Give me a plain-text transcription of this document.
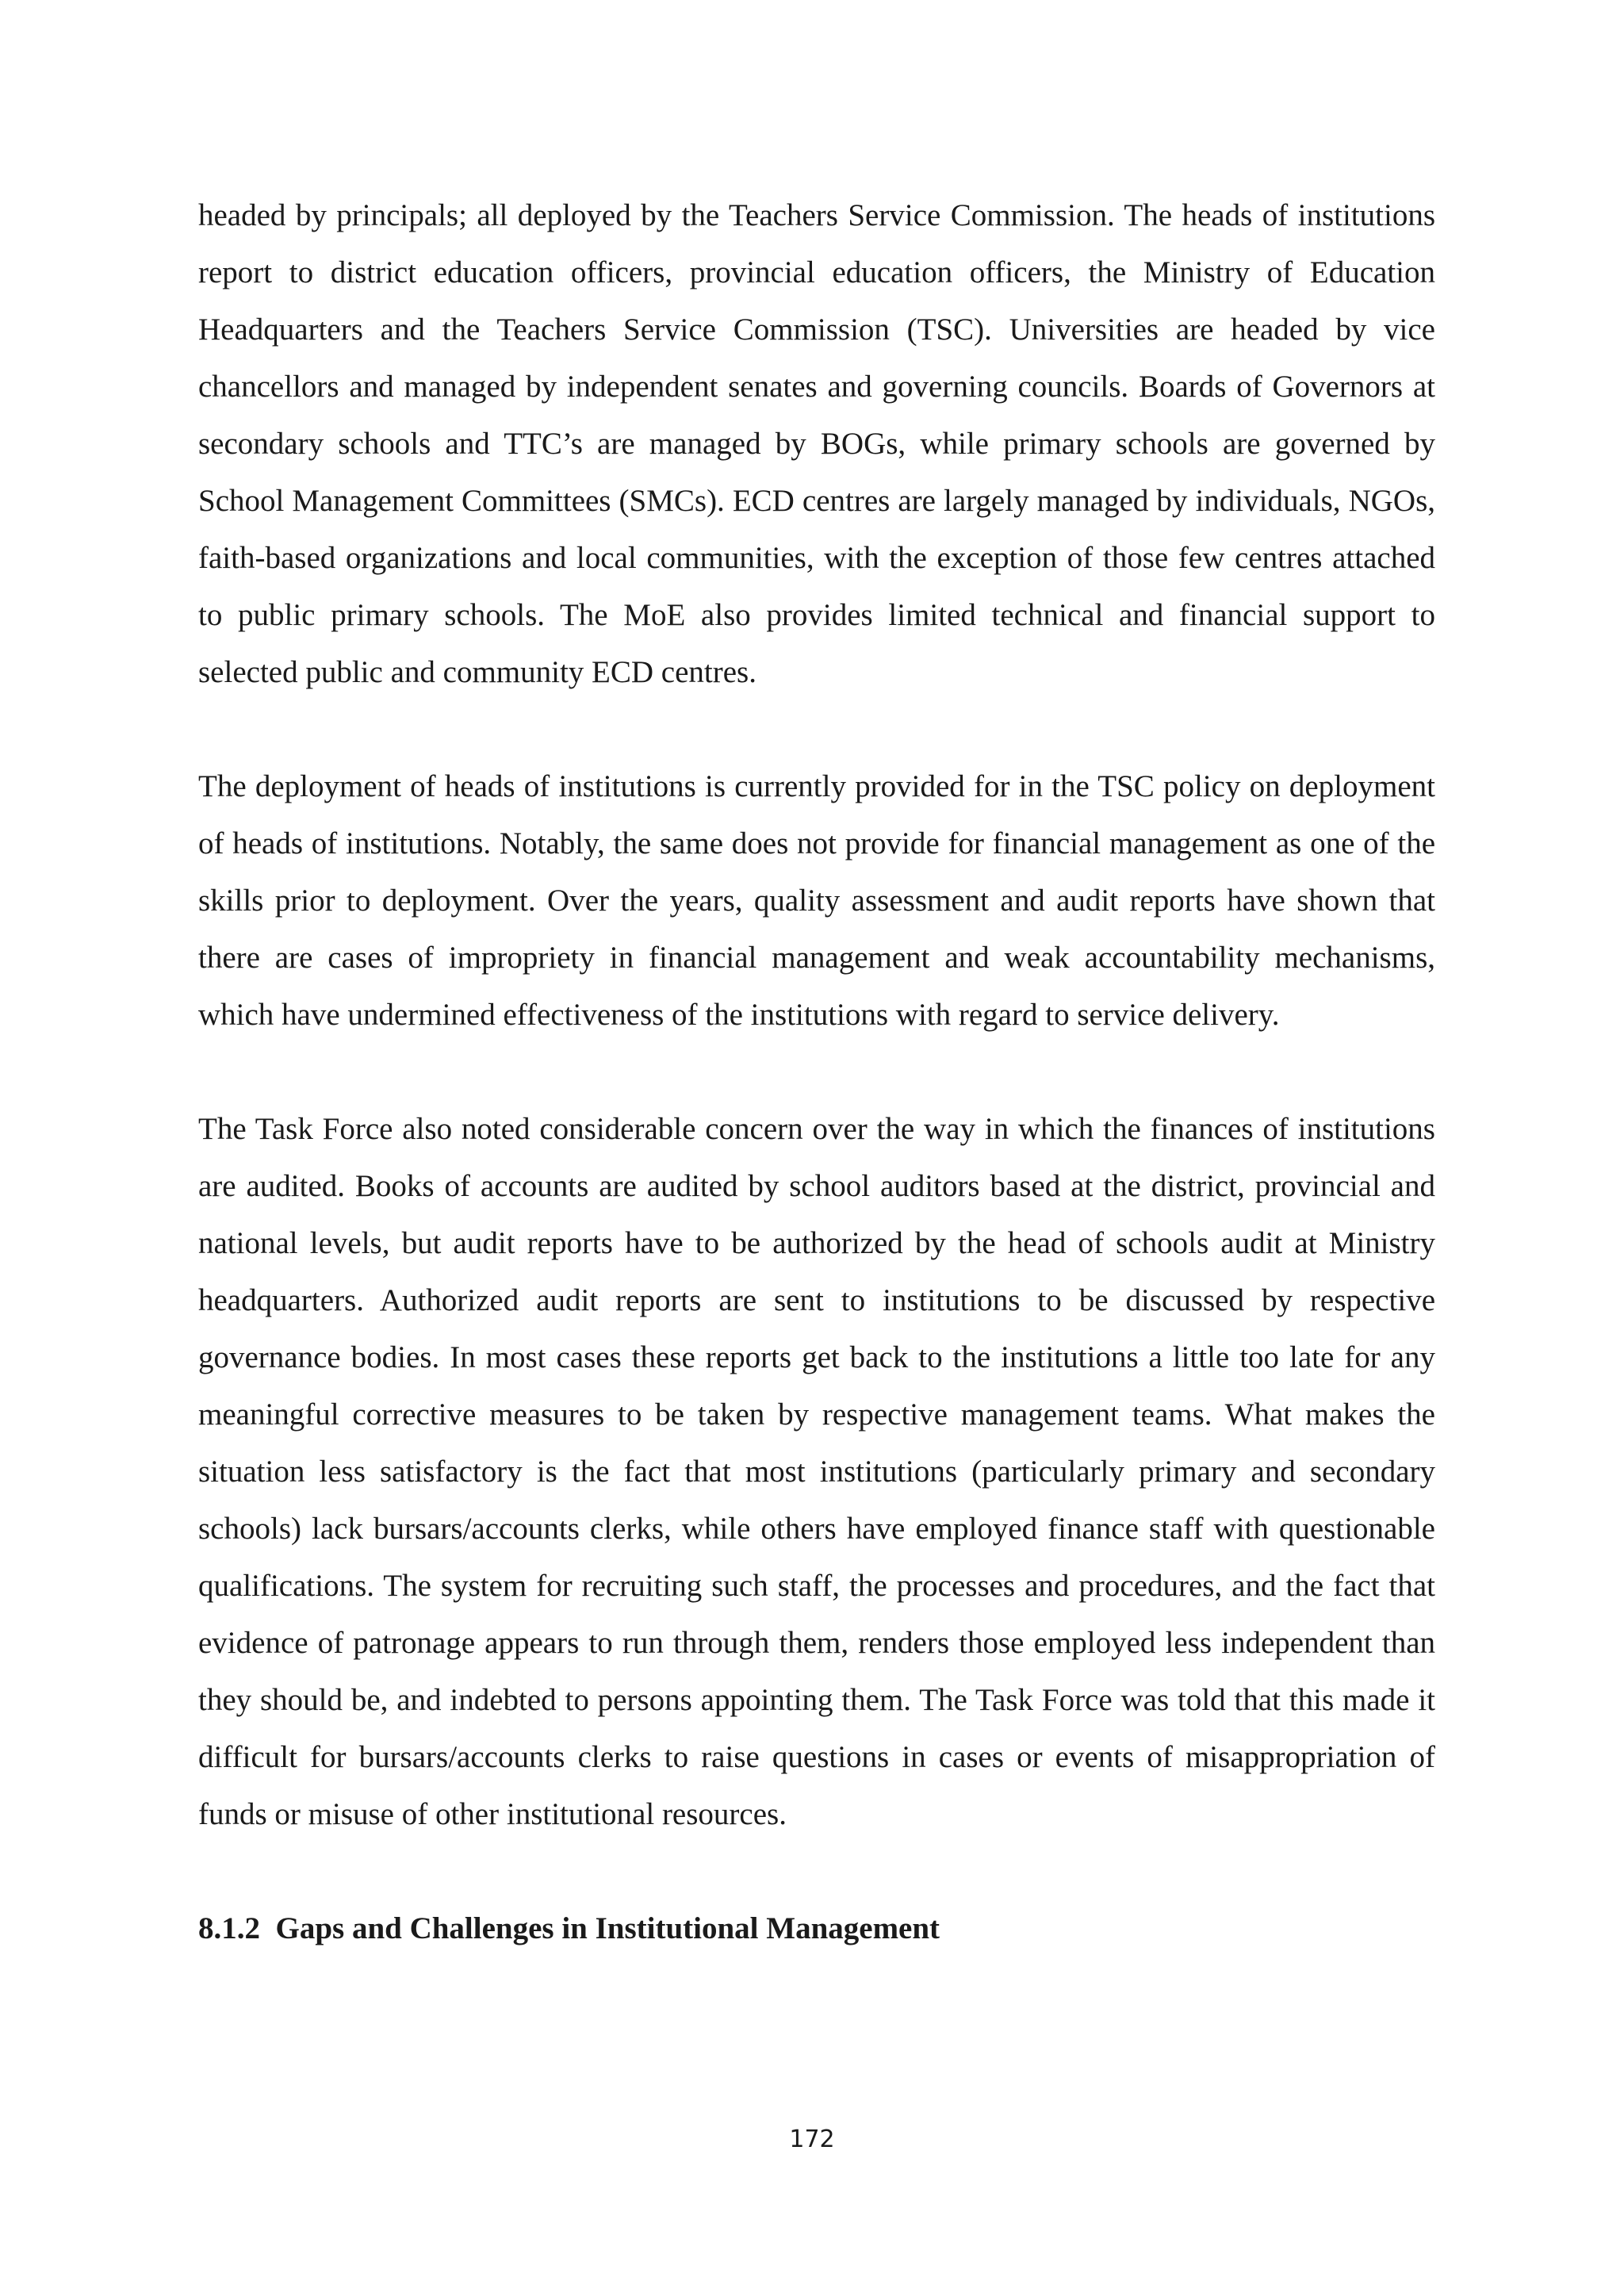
headed by principals; all deployed by the Teachers Service Commission. The heads of institutions report to district education officers, provincial education officers, the Ministry of Education Headquarters and the Teachers Service Commission (TSC). Universities are headed by vice chancellors and managed by independent senates and governing councils. Boards of Governors at secondary schools and TTC’s are managed by BOGs, while primary schools are governed by School Management Committees (SMCs). ECD centres are largely managed by individuals, NGOs, faith-based organizations and local communities, with the exception of those few centres attached to public primary schools. The MoE also provides limited technical and financial support to selected public and community ECD centres.

The deployment of heads of institutions is currently provided for in the TSC policy on deployment of heads of institutions. Notably, the same does not provide for financial management as one of the skills prior to deployment. Over the years, quality assessment and audit reports have shown that there are cases of impropriety in financial management and weak accountability mechanisms, which have undermined effectiveness of the institutions with regard to service delivery.

The Task Force also noted considerable concern over the way in which the finances of institutions are audited. Books of accounts are audited by school auditors based at the district, provincial and national levels, but audit reports have to be authorized by the head of schools audit at Ministry headquarters. Authorized audit reports are sent to institutions to be discussed by respective governance bodies. In most cases these reports get back to the institutions a little too late for any meaningful corrective measures to be taken by respective management teams. What makes the situation less satisfactory is the fact that most institutions (particularly primary and secondary schools) lack bursars/accounts clerks, while others have employed finance staff with questionable qualifications. The system for recruiting such staff, the processes and procedures, and the fact that evidence of patronage appears to run through them, renders those employed less independent than they should be, and indebted to persons appointing them. The Task Force was told that this made it difficult for bursars/accounts clerks to raise questions in cases or events of misappropriation of funds or misuse of other institutional resources.

8.1.2  Gaps and Challenges in Institutional Management
172
